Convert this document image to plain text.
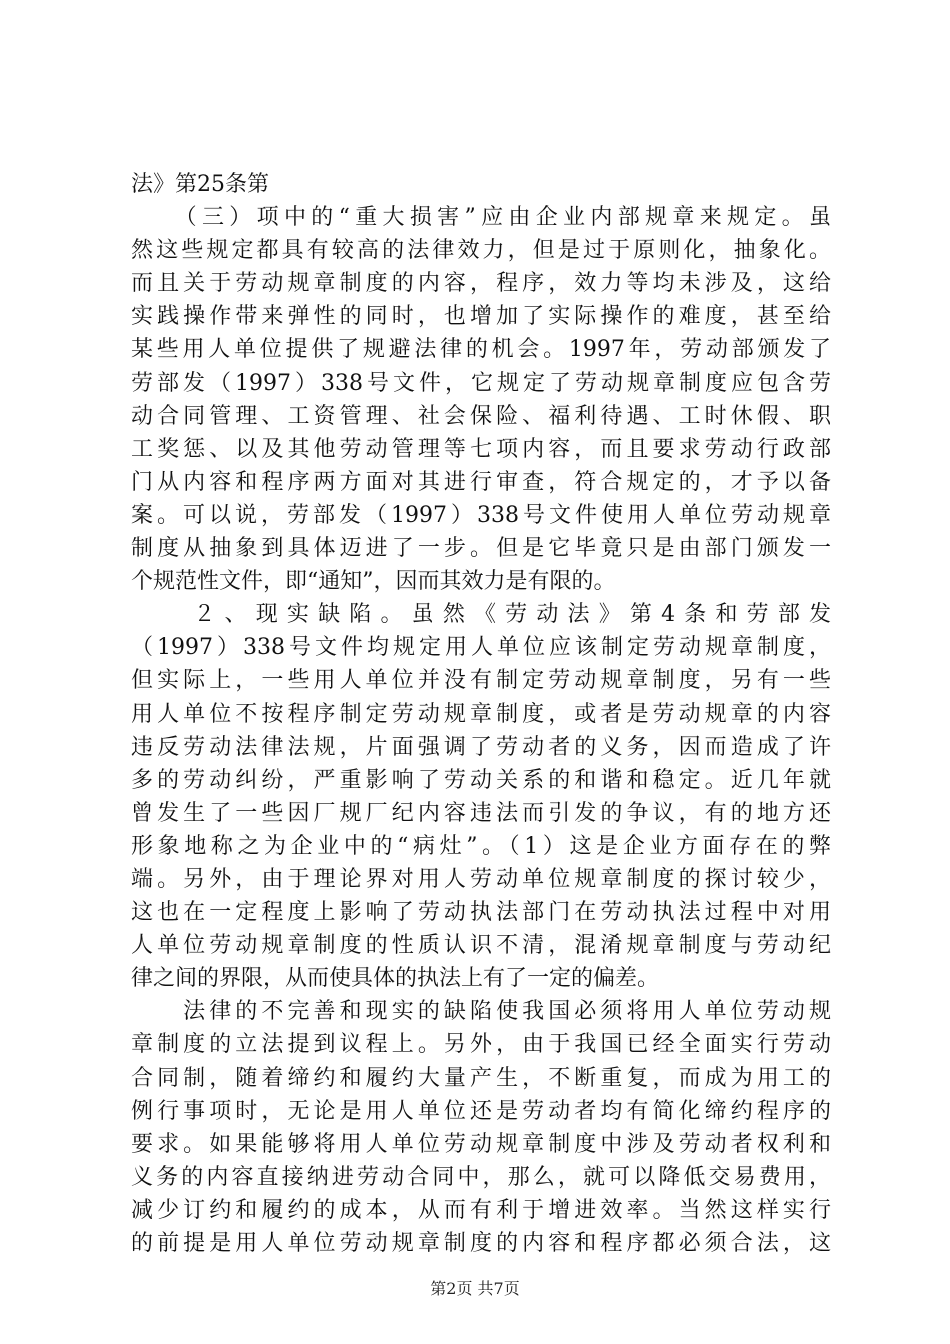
法》第25条第
　　（三）项中的“重大损害”应由企业内部规章来规定。虽
然这些规定都具有较高的法律效力，但是过于原则化，抽象化。
而且关于劳动规章制度的内容，程序，效力等均未涉及，这给
实践操作带来弹性的同时，也增加了实际操作的难度，甚至给
某些用人单位提供了规避法律的机会。1997年，劳动部颁发了
劳部发（1997）338号文件，它规定了劳动规章制度应包含劳
动合同管理、工资管理、社会保险、福利待遇、工时休假、职
工奖惩、以及其他劳动管理等七项内容，而且要求劳动行政部
门从内容和程序两方面对其进行审查，符合规定的，才予以备
案。可以说，劳部发（1997）338号文件使用人单位劳动规章
制度从抽象到具体迈进了一步。但是它毕竟只是由部门颁发一
个规范性文件，即“通知”，因而其效力是有限的。
　　２、现实缺陷。虽然《劳动法》第4条和劳部发
（1997）338号文件均规定用人单位应该制定劳动规章制度，
但实际上，一些用人单位并没有制定劳动规章制度，另有一些
用人单位不按程序制定劳动规章制度，或者是劳动规章的内容
违反劳动法律法规，片面强调了劳动者的义务，因而造成了许
多的劳动纠纷，严重影响了劳动关系的和谐和稳定。近几年就
曾发生了一些因厂规厂纪内容违法而引发的争议，有的地方还
形象地称之为企业中的“病灶”。（1）这是企业方面存在的弊
端。另外，由于理论界对用人劳动单位规章制度的探讨较少，
这也在一定程度上影响了劳动执法部门在劳动执法过程中对用
人单位劳动规章制度的性质认识不清，混淆规章制度与劳动纪
律之间的界限，从而使具体的执法上有了一定的偏差。
　　法律的不完善和现实的缺陷使我国必须将用人单位劳动规
章制度的立法提到议程上。另外，由于我国已经全面实行劳动
合同制，随着缔约和履约大量产生，不断重复，而成为用工的
例行事项时，无论是用人单位还是劳动者均有简化缔约程序的
要求。如果能够将用人单位劳动规章制度中涉及劳动者权利和
义务的内容直接纳进劳动合同中，那么，就可以降低交易费用，
减少订约和履约的成本，从而有利于增进效率。当然这样实行
的前提是用人单位劳动规章制度的内容和程序都必须合法，这
第2页 共7页
